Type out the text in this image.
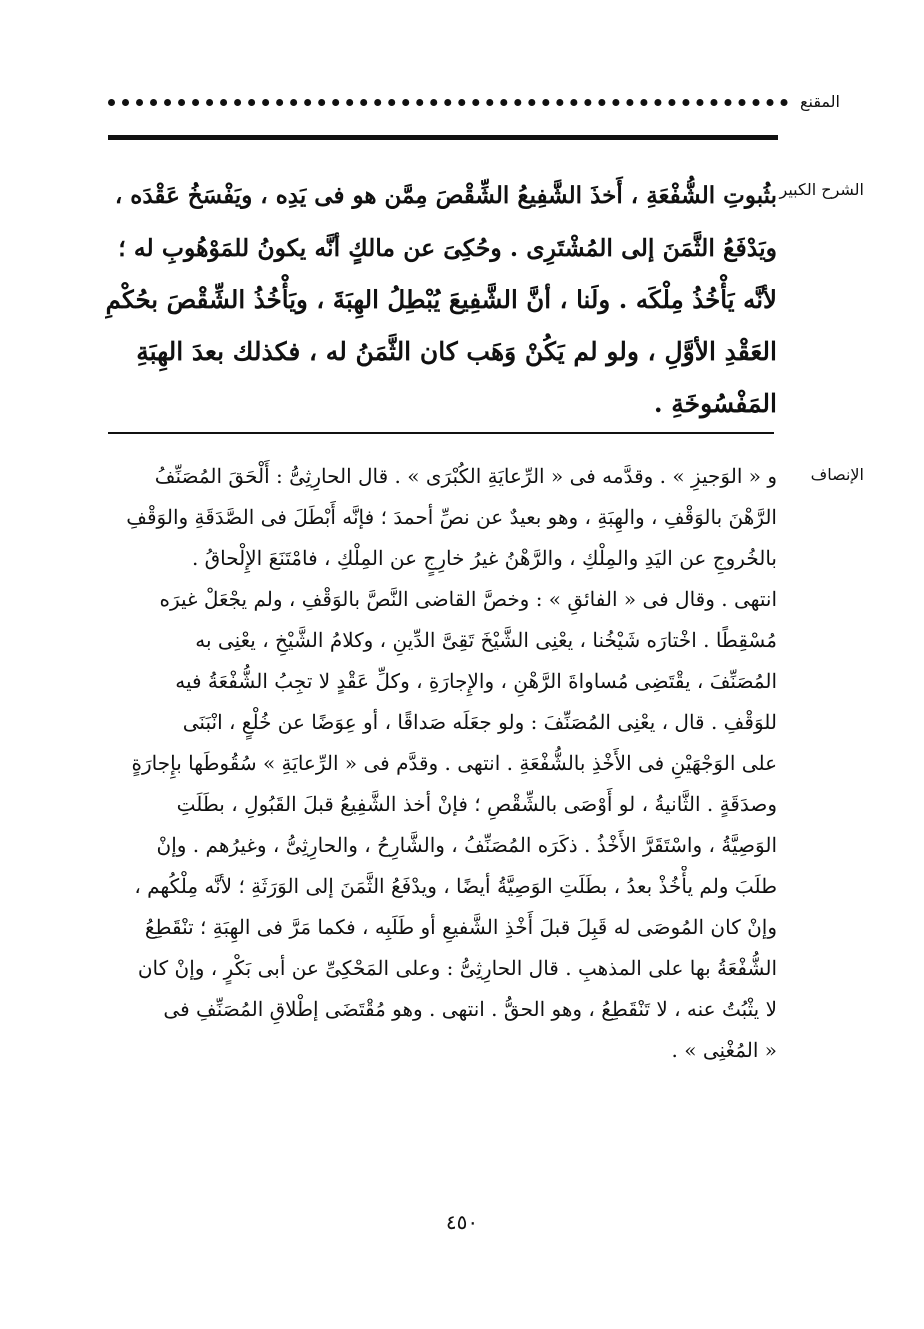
المقنع
الشرح الكبير
بثُبوتِ الشُّفْعَةِ ، أَخذَ الشَّفِيعُ الشِّقْصَ مِمَّن هو فى يَدِه ، ويَفْسَخُ عَقْدَه ،
ويَدْفَعُ الثَّمَنَ إلى المُشْتَرِى . وحُكِىَ عن مالكٍ أنَّه يكونُ للمَوْهُوبِ له ؛
لأنَّه يَأْخُذُ مِلْكَه . ولَنا ، أنَّ الشَّفِيعَ يُبْطِلُ الهِبَةَ ، ويَأْخُذُ الشِّقْصَ بحُكْمِ
العَقْدِ الأوَّلِ ، ولو لم يَكُنْ وَهَب كان الثَّمَنُ له ، فكذلك بعدَ الهِبَةِ
المَفْسُوخَةِ .
الإنصاف
و « الوَجيزِ » . وقدَّمه فى « الرِّعايَةِ الكُبْرَى » . قال الحارِثِىُّ : أَلْحَقَ المُصَنِّفُ
الرَّهْنَ بالوَقْفِ ، والهِبَةِ ، وهو بعيدٌ عن نصِّ أحمدَ ؛ فإنَّه أَبْطَلَ فى الصَّدَقَةِ والوَقْفِ
بالخُروجِ عن اليَدِ والمِلْكِ ، والرَّهْنُ غيرُ خارِجٍ عن المِلْكِ ، فامْتَنَعَ الإِلْحاقُ .
انتهى . وقال فى « الفائقِ » : وخصَّ القاضى النَّصَّ بالوَقْفِ ، ولم يجْعَلْ غيرَه
مُسْقِطًا . اخْتارَه شَيْخُنا ، يعْنِى الشَّيْخَ تَقِىَّ الدِّينِ ، وكلامُ الشَّيْخِ ، يعْنِى به
المُصَنِّفَ ، يقْتَضِى مُساواةَ الرَّهْنِ ، والإِجارَةِ ، وكلِّ عَقْدٍ لا تجِبُ الشُّفْعَةُ فيه
للوَقْفِ . قال ، يعْنِى المُصَنِّفَ : ولو جعَلَه صَداقًا ، أو عِوَضًا عن خُلْعٍ ، انْبَنَى
على الوَجْهَيْنِ فى الأَخْذِ بالشُّفْعَةِ . انتهى . وقدَّم فى « الرِّعايَةِ » سُقُوطَها بإِجارَةٍ
وصدَقَةٍ . الثَّانيةُ ، لو أَوْصَى بالشِّقْصِ ؛ فإنْ أخذ الشَّفِيعُ قبلَ القَبُولِ ، بطَلَتِ
الوَصِيَّةُ ، واسْتَقَرَّ الأَخْذُ . ذكَرَه المُصَنِّفُ ، والشَّارِحُ ، والحارِثِىُّ ، وغيرُهم . وإنْ
طلَبَ ولم يأْخُذْ بعدُ ، بطَلَتِ الوَصِيَّةُ أيضًا ، ويدْفَعُ الثَّمَنَ إلى الوَرَثَةِ ؛ لأنَّه مِلْكُهم ،
وإنْ كان المُوصَى له قَبِلَ قبلَ أَخْذِ الشَّفيعِ أو طَلَبِه ، فكما مَرَّ فى الهِبَةِ ؛ تنْقَطِعُ
الشُّفْعَةُ بها على المذهبِ . قال الحارِثِىُّ : وعلى المَحْكِىِّ عن أبى بَكْرٍ ، وإنْ كان
لا يثْبُتُ عنه ، لا تَنْقَطِعُ ، وهو الحقُّ . انتهى . وهو مُقْتَضَى إطْلاقِ المُصَنِّفِ فى
« المُغْنِى » .
٤٥٠
